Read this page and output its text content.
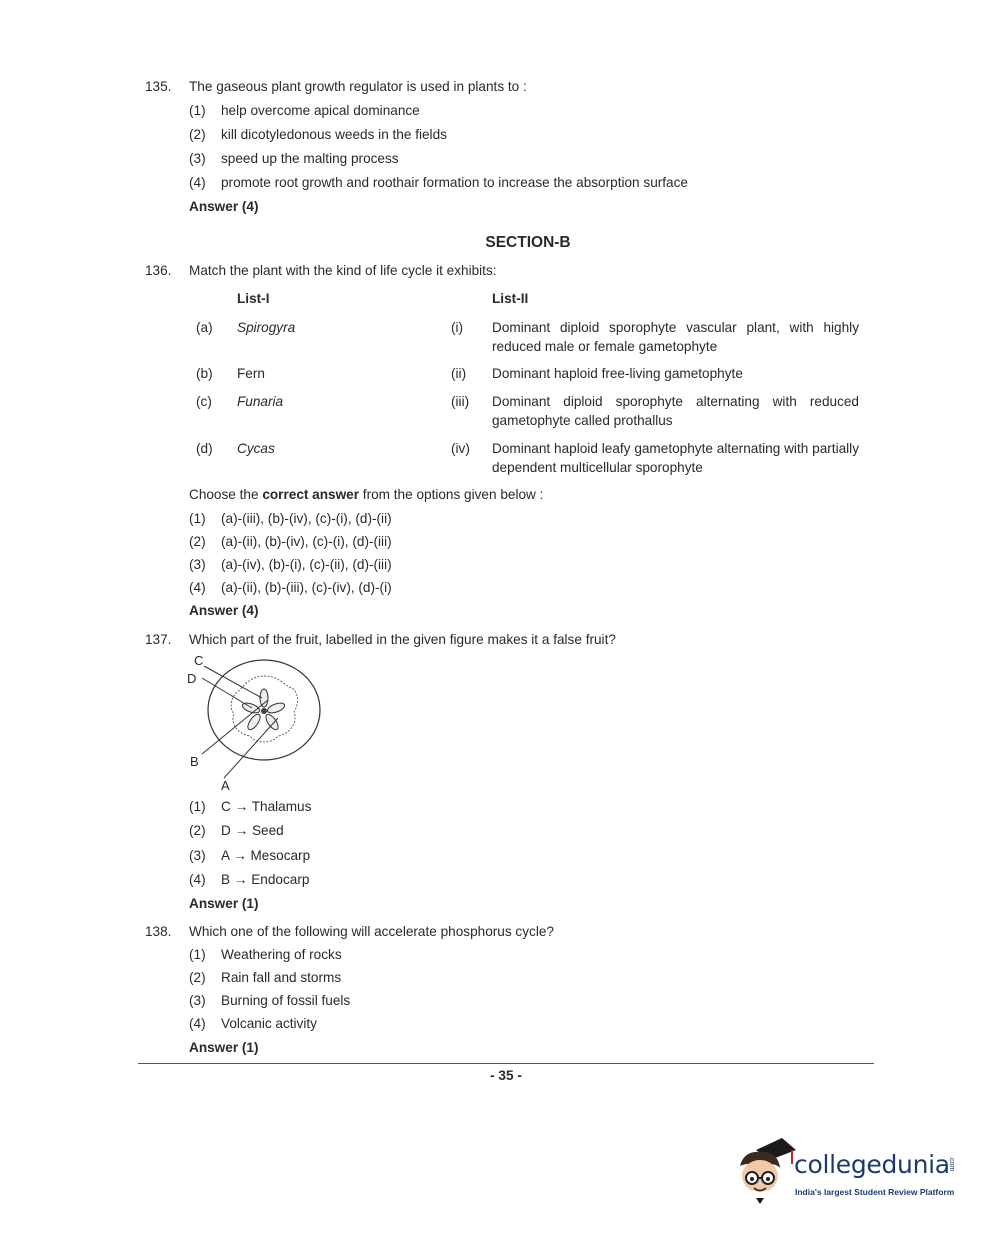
135. The gaseous plant growth regulator is used in plants to :
(1) help overcome apical dominance
(2) kill dicotyledonous weeds in the fields
(3) speed up the malting process
(4) promote root growth and roothair formation to increase the absorption surface
Answer (4)
SECTION-B
136. Match the plant with the kind of life cycle it exhibits:
List-I	List-II
(a) Spirogyra	(i) Dominant diploid sporophyte vascular plant, with highly reduced male or female gametophyte
(b) Fern	(ii) Dominant haploid free-living gametophyte
(c) Funaria	(iii) Dominant diploid sporophyte alternating with reduced gametophyte called prothallus
(d) Cycas	(iv) Dominant haploid leafy gametophyte alternating with partially dependent multicellular sporophyte
Choose the correct answer from the options given below :
(1) (a)-(iii), (b)-(iv), (c)-(i), (d)-(ii)
(2) (a)-(ii), (b)-(iv), (c)-(i), (d)-(iii)
(3) (a)-(iv), (b)-(i), (c)-(ii), (d)-(iii)
(4) (a)-(ii), (b)-(iii), (c)-(iv), (d)-(i)
Answer (4)
137. Which part of the fruit, labelled in the given figure makes it a false fruit?
C
D
B
A
(1) C → Thalamus
(2) D → Seed
(3) A → Mesocarp
(4) B → Endocarp
Answer (1)
138. Which one of the following will accelerate phosphorus cycle?
(1) Weathering of rocks
(2) Rain fall and storms
(3) Burning of fossil fuels
(4) Volcanic activity
Answer (1)
- 35 -
collegedunia
.com
India's largest Student Review Platform
